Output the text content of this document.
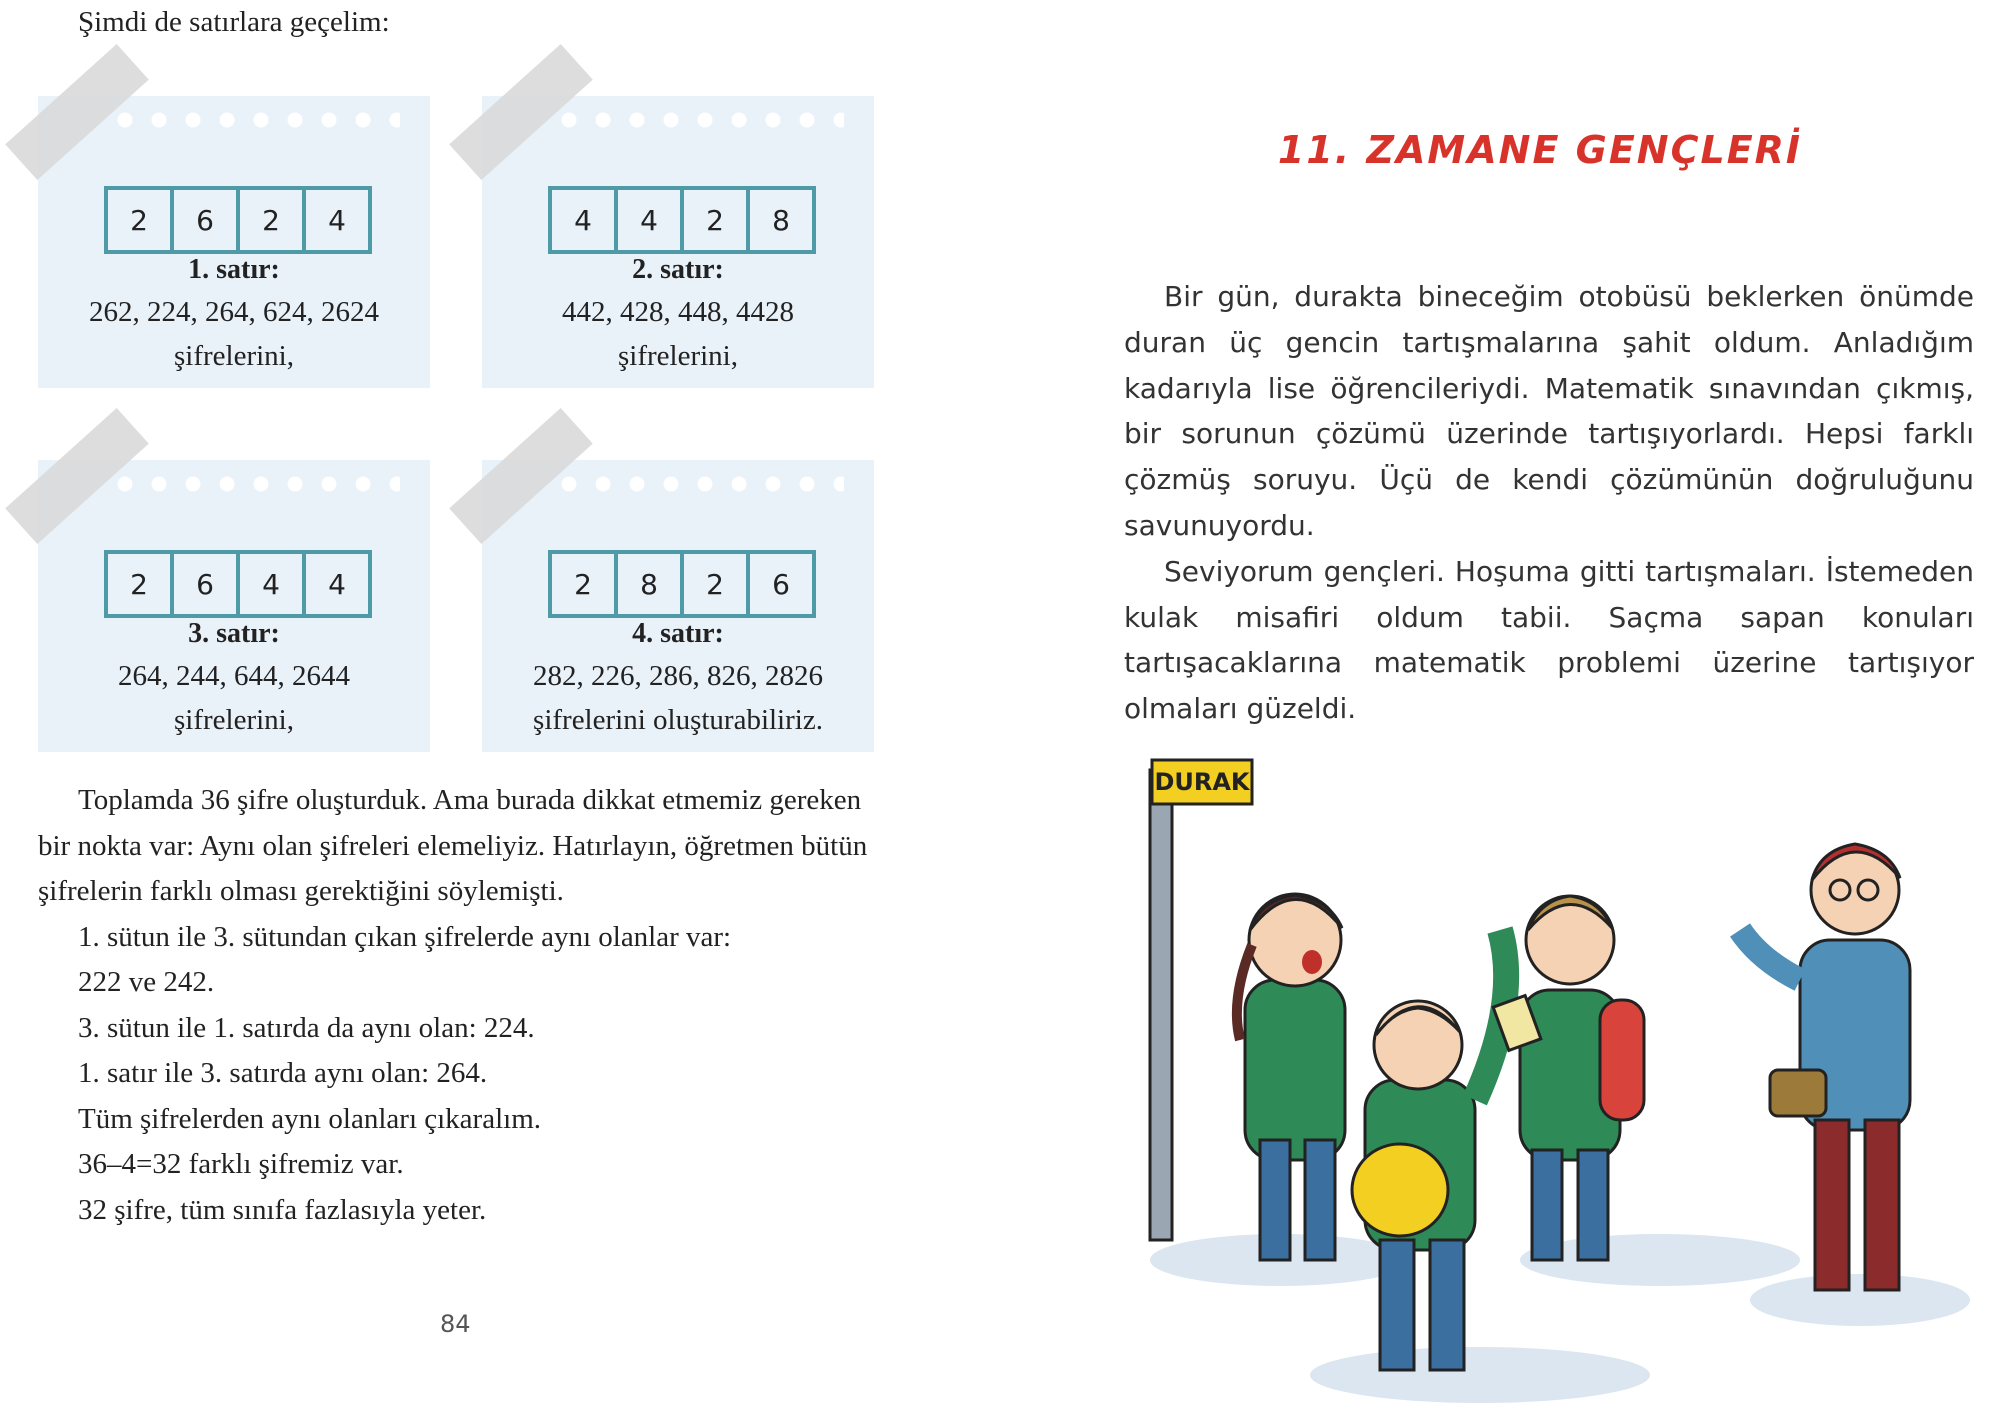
Şimdi de satırlara geçelim:
2	6	2	4
1. satır:
262, 224, 264, 624, 2624
şifrelerini,
4	4	2	8
2. satır:
442, 428, 448, 4428
şifrelerini,
2	6	4	4
3. satır:
264, 244, 644, 2644
şifrelerini,
2	8	2	6
4. satır:
282, 226, 286, 826, 2826
şifrelerini oluşturabiliriz.

Toplamda 36 şifre oluşturduk. Ama burada dikkat etmemiz gereken bir nokta var: Aynı olan şifreleri elemeliyiz. Hatırlayın, öğretmen bütün şifrelerin farklı olması gerektiğini söylemişti.

1. sütun ile 3. sütundan çıkan şifrelerde aynı olanlar var:

222 ve 242.

3. sütun ile 1. satırda da aynı olan: 224.

1. satır ile 3. satırda aynı olan: 264.

Tüm şifrelerden aynı olanları çıkaralım.

36–4=32 farklı şifremiz var.

32 şifre, tüm sınıfa fazlasıyla yeter.

84
11. ZAMANE GENÇLERİ

Bir gün, durakta bineceğim otobüsü beklerken önümde duran üç gencin tartışmalarına şahit oldum. Anladığım kadarıyla lise öğrencileriydi. Matematik sınavından çıkmış, bir sorunun çözümü üzerinde tartışıyorlardı. Hepsi farklı çözmüş soruyu. Üçü de kendi çözümünün doğruluğunu savunuyordu.

Seviyorum gençleri. Hoşuma gitti tartışmaları. İstemeden kulak misafiri oldum tabii. Saçma sapan konuları tartışacaklarına matematik problemi üzerine tartışıyor olmaları güzeldi.

DURAK
